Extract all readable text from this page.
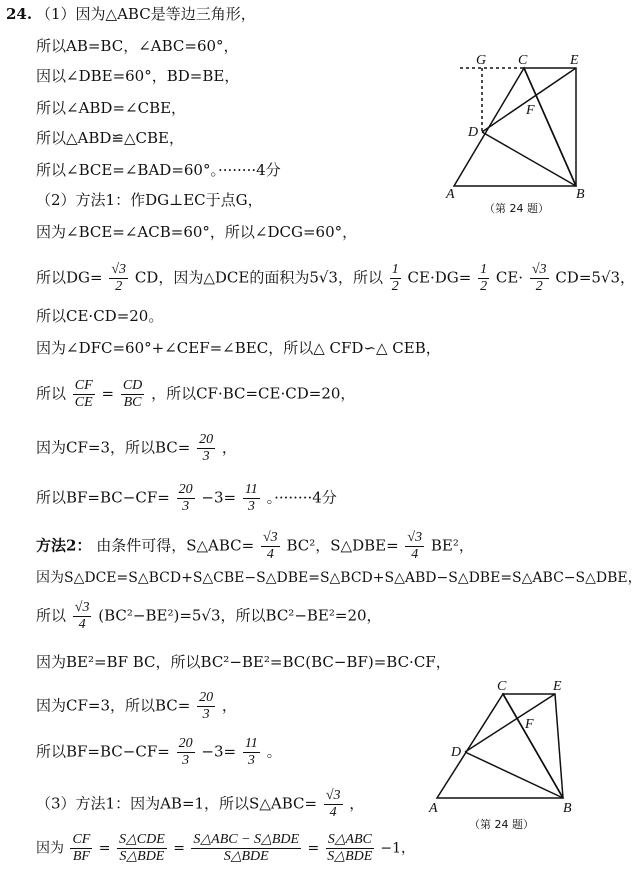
24. （1）因为△ABC是等边三角形，
所以AB=BC，∠ABC=60°，
因以∠DBE=60°，BD=BE，
所以∠ABD=∠CBE，
所以△ABD≌△CBE，
所以∠BCE=∠BAD=60°。········4分
（2）方法1：作DG⊥EC于点G，
因为∠BCE=∠ACB=60°，所以∠DCG=60°，
所以$DG= \frac{√3}{2}$ CD，因为△DCE的面积为5√3，所以 $\frac{1}{2} CE\cdot DG= \frac{1}{2} CE\cdot \frac{√3}{2} CD=5√3$，
所以CE·CD=20。
因为∠DFC=60°+∠CEF=∠BEC，所以△ CFD∽△ CEB，
所以 $\frac{CF}{CE} = \frac{CD}{BC}$ ，所以CF·BC=CE·CD=20，
因为CF=3，所以$BC= \frac{20}{3}$ ，
所以$BF=BC-CF= \frac{20}{3} -3= \frac{11}{3}$ 。········4分
方法2： 由条件可得，S△ABC= $\frac{√3}{4} BC^2$，S△DBE= $\frac{√3}{4} BE^2$，
因为S△DCE=S△BCD+S△CBE−S△DBE=S△BCD+S△ABD−S△DBE=S△ABC−S△DBE，
所以 $\frac{√3}{4} (BC^2-BE^2)=5√3$，所以BC²−BE²=20，
因为BE²=BF BC，所以BC²−BE²=BC(BC−BF)=BC·CF，
因为CF=3，所以$BC= \frac{20}{3}$ ，
所以$BF=BC-CF= \frac{20}{3} -3= \frac{11}{3}$ 。
（3）方法1：因为AB=1，所以S△ABC= $\frac{√3}{4}$ ，
因为 $\frac{CF}{BF} = \frac{\text{S△CDE}}{\text{S△BDE}} = \frac{\text{S△ABC − S△BDE}}{\text{S△BDE}} = \frac{\text{S△ABC}}{\text{S△BDE}} -1$，
G C	E
F
D
A	B
（第 24 题）
C	E
F
D
A	B
（第 24 题）
